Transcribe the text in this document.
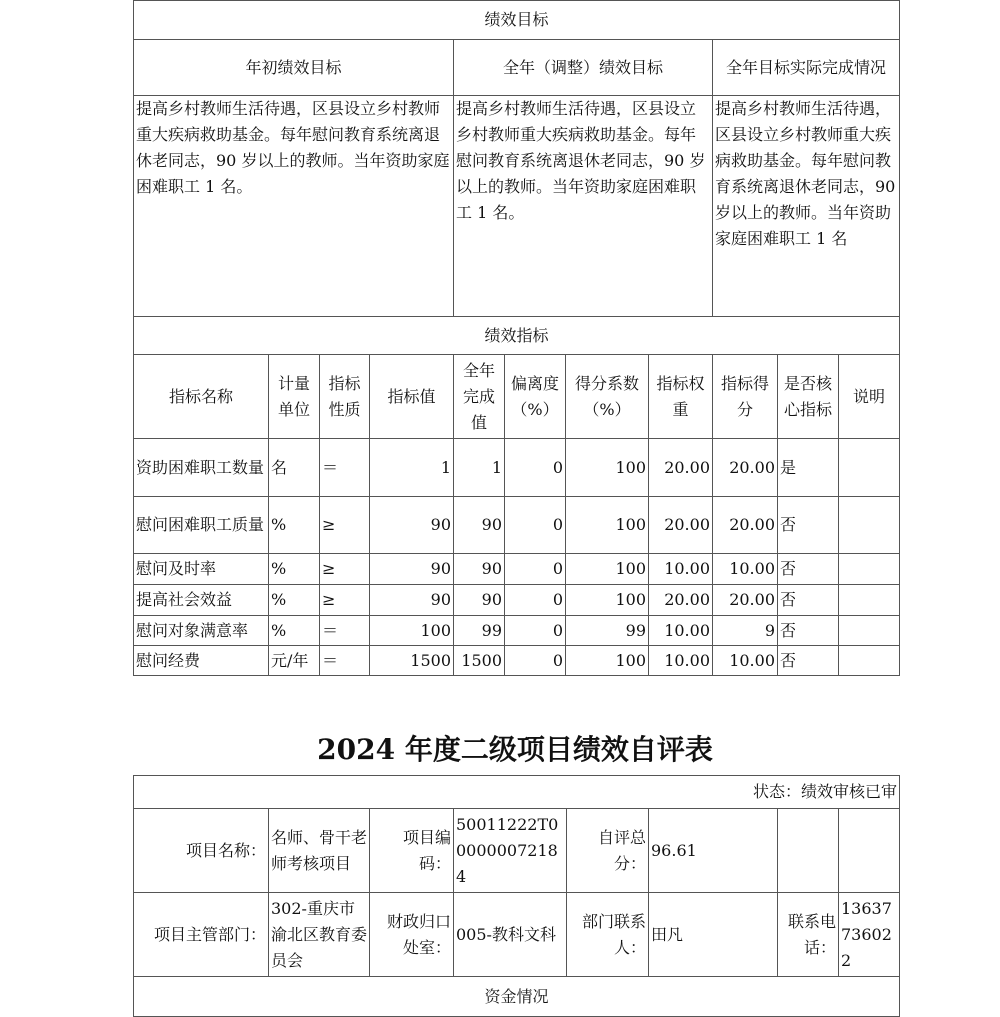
绩效目标		
年初绩效目标	全年（调整）绩效目标	全年目标实际完成情况
提高乡村教师生活待遇，区县设立乡村教师重大疾病救助基金。每年慰问教育系统离退休老同志，90 岁以上的教师。当年资助家庭困难职工 1 名。	提高乡村教师生活待遇，区县设立乡村教师重大疾病救助基金。每年慰问教育系统离退休老同志，90 岁以上的教师。当年资助家庭困难职工 1 名。	提高乡村教师生活待遇，区县设立乡村教师重大疾病救助基金。每年慰问教育系统离退休老同志，90 岁以上的教师。当年资助家庭困难职工 1 名
绩效指标		
指标名称	计量单位	指标性质	指标值	全年完成值	偏离度（%）	得分系数（%）	指标权重	指标得分	是否核心指标	说明
资助困难职工数量	名	＝	1	1	0	100	20.00	20.00	是	
慰问困难职工质量	%	≥	90	90	0	100	20.00	20.00	否	
慰问及时率	%	≥	90	90	0	100	10.00	10.00	否	
提高社会效益	%	≥	90	90	0	100	20.00	20.00	否	
慰问对象满意率	%	＝	100	99	0	99	10.00	9	否	
慰问经费	元/年	＝	1500	1500	0	100	10.00	10.00	否	
2024 年度二级项目绩效自评表
状态：绩效审核已审							
项目名称：	名师、骨干老师考核项目	项目编码：	50011222T000000072184	自评总分：	96.61		
项目主管部门：	302-重庆市渝北区教育委员会	财政归口处室：	005-教科文科	部门联系人：	田凡	联系电话：	13637736022
资金情况							
